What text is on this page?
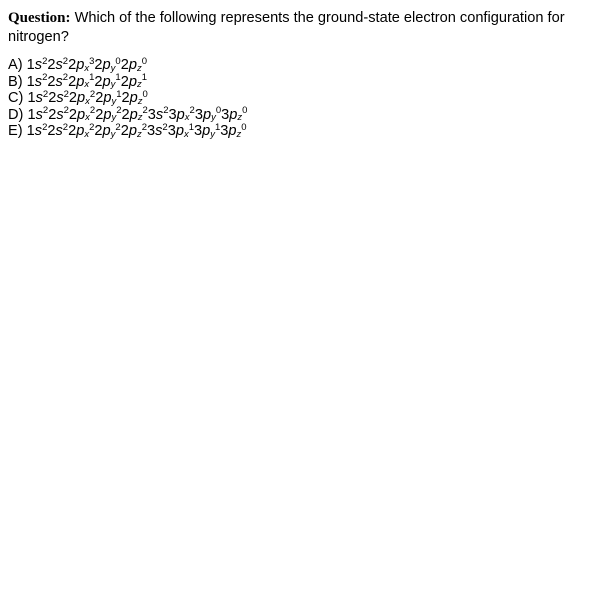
Question: Which of the following represents the ground-state electron configuration for nitrogen?

A) $1s^22s^22p_x^32p_y^02p_z^0$
B) $1s^22s^22p_x^12p_y^12p_z^1$
C) $1s^22s^22p_x^22p_y^12p_z^0$
D) $1s^22s^22p_x^22p_y^22p_z^23s^23p_x^23p_y^03p_z^0$
E) $1s^22s^22p_x^22p_y^22p_z^23s^23p_x^13p_y^13p_z^0$
